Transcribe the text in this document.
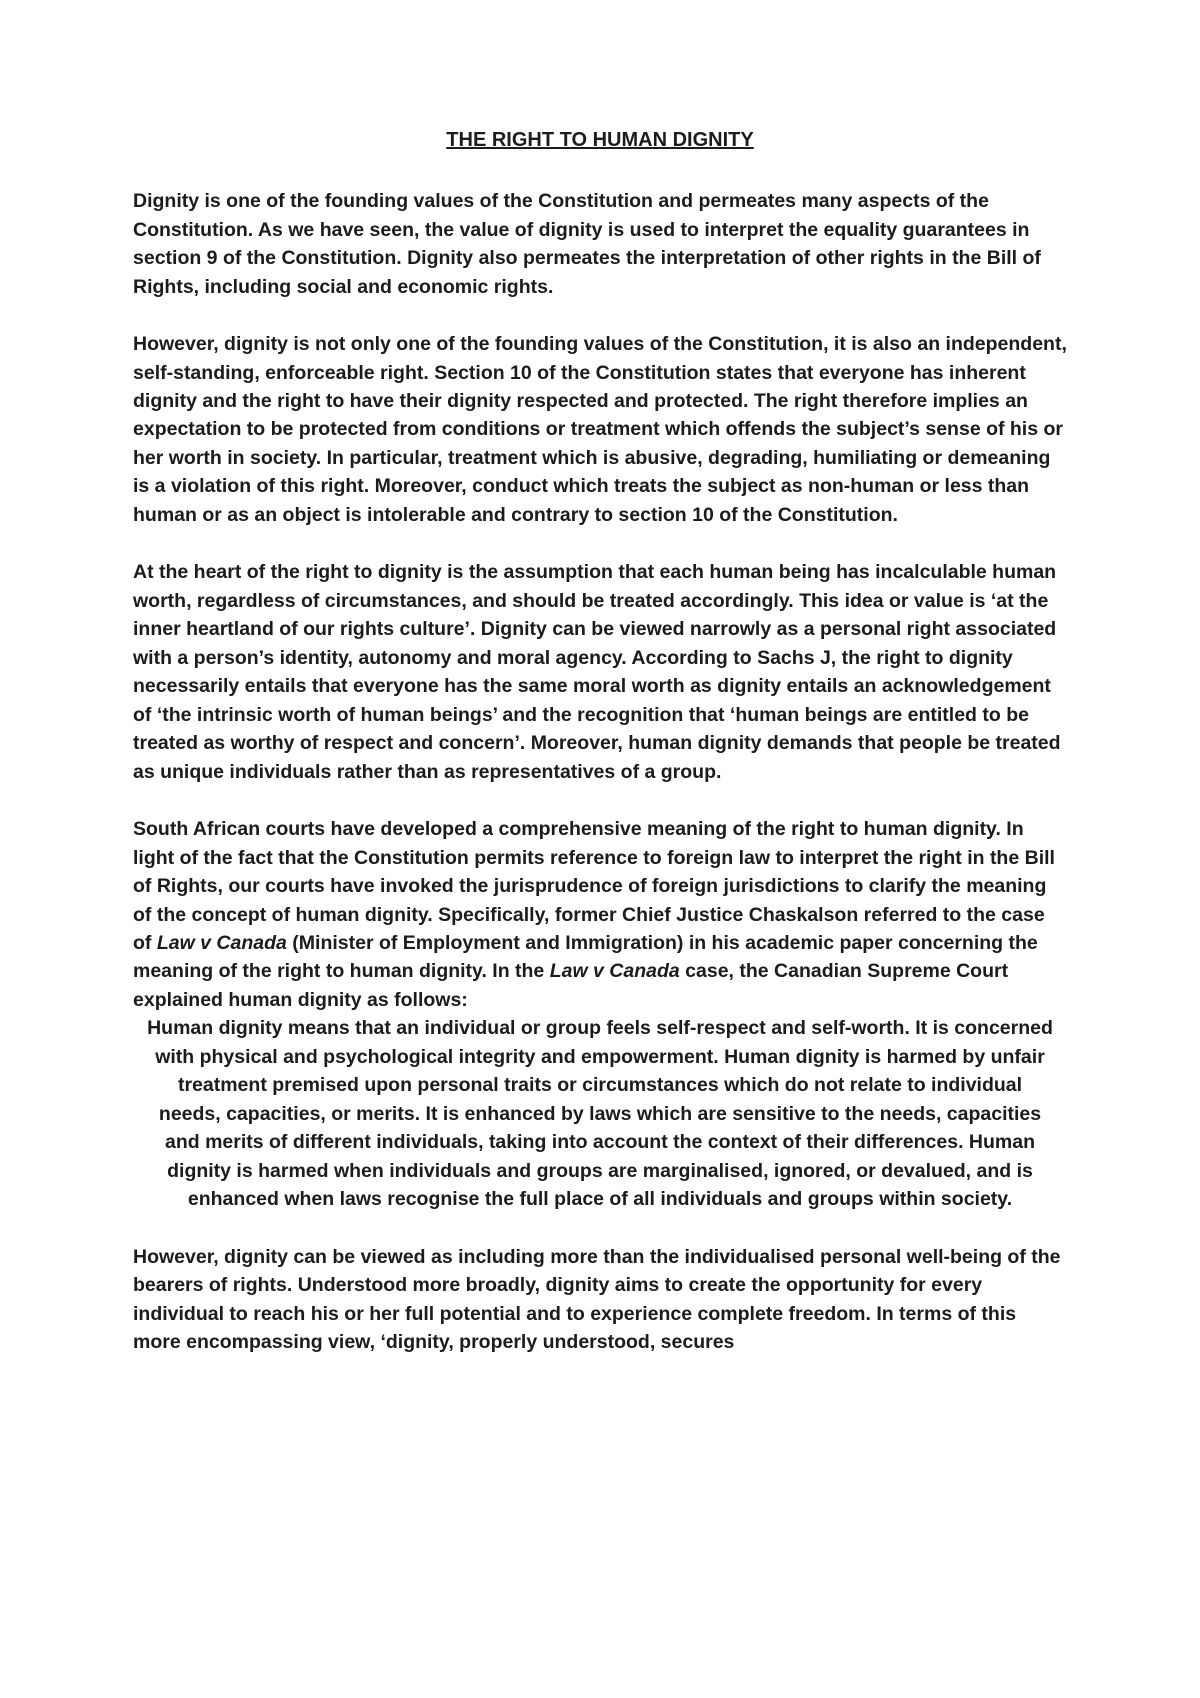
THE RIGHT TO HUMAN DIGNITY

Dignity is one of the founding values of the Constitution and permeates many aspects of the Constitution. As we have seen, the value of dignity is used to interpret the equality guarantees in section 9 of the Constitution. Dignity also permeates the interpretation of other rights in the Bill of Rights, including social and economic rights.

However, dignity is not only one of the founding values of the Constitution, it is also an independent, self-standing, enforceable right. Section 10 of the Constitution states that everyone has inherent dignity and the right to have their dignity respected and protected. The right therefore implies an expectation to be protected from conditions or treatment which offends the subject’s sense of his or her worth in society. In particular, treatment which is abusive, degrading, humiliating or demeaning is a violation of this right. Moreover, conduct which treats the subject as non-human or less than human or as an object is intolerable and contrary to section 10 of the Constitution.

At the heart of the right to dignity is the assumption that each human being has incalculable human worth, regardless of circumstances, and should be treated accordingly. This idea or value is ‘at the inner heartland of our rights culture’. Dignity can be viewed narrowly as a personal right associated with a person’s identity, autonomy and moral agency. According to Sachs J, the right to dignity necessarily entails that everyone has the same moral worth as dignity entails an acknowledgement of ‘the intrinsic worth of human beings’ and the recognition that ‘human beings are entitled to be treated as worthy of respect and concern’. Moreover, human dignity demands that people be treated as unique individuals rather than as representatives of a group.

South African courts have developed a comprehensive meaning of the right to human dignity. In light of the fact that the Constitution permits reference to foreign law to interpret the right in the Bill of Rights, our courts have invoked the jurisprudence of foreign jurisdictions to clarify the meaning of the concept of human dignity. Specifically, former Chief Justice Chaskalson referred to the case of Law v Canada (Minister of Employment and Immigration) in his academic paper concerning the meaning of the right to human dignity. In the Law v Canada case, the Canadian Supreme Court explained human dignity as follows:

Human dignity means that an individual or group feels self-respect and self-worth. It is concerned with physical and psychological integrity and empowerment. Human dignity is harmed by unfair treatment premised upon personal traits or circumstances which do not relate to individual needs, capacities, or merits. It is enhanced by laws which are sensitive to the needs, capacities and merits of different individuals, taking into account the context of their differences. Human dignity is harmed when individuals and groups are marginalised, ignored, or devalued, and is enhanced when laws recognise the full place of all individuals and groups within society.

However, dignity can be viewed as including more than the individualised personal well-being of the bearers of rights. Understood more broadly, dignity aims to create the opportunity for every individual to reach his or her full potential and to experience complete freedom. In terms of this more encompassing view, ‘dignity, properly understood, secures
